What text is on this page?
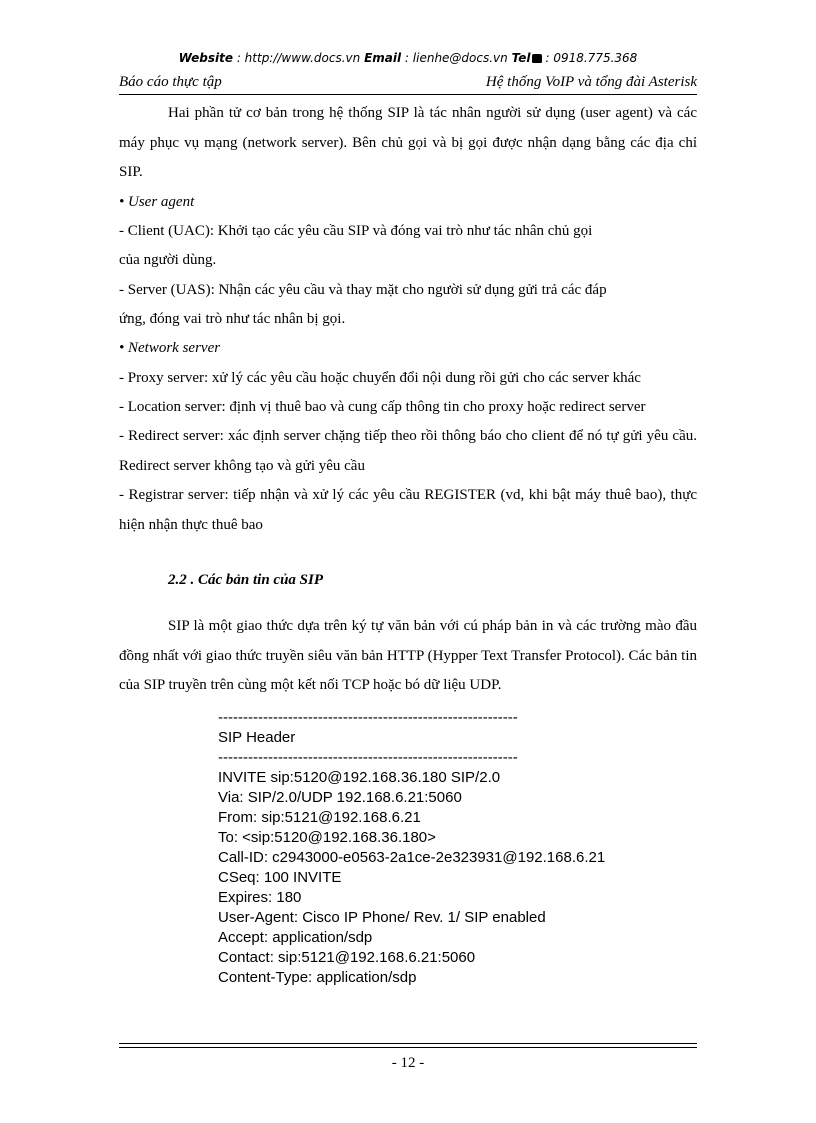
Website : http://www.docs.vn Email : lienhe@docs.vn Tel : 0918.775.368
Báo cáo thực tập	Hệ thống VoIP và tổng đài Asterisk

Hai phần tử cơ bản trong hệ thống SIP là tác nhân người sử dụng (user agent) và các máy phục vụ mạng (network server). Bên chủ gọi và bị gọi được nhận dạng bằng các địa chỉ SIP.

• User agent

- Client (UAC): Khởi tạo các yêu cầu SIP và đóng vai trò như tác nhân chủ gọi

của người dùng.

- Server (UAS): Nhận các yêu cầu và thay mặt cho người sử dụng gửi trả các đáp

ứng, đóng vai trò như tác nhân bị gọi.

• Network server

- Proxy server: xử lý các yêu cầu hoặc chuyển đổi nội dung rồi gửi cho các server khác

- Location server: định vị thuê bao và cung cấp thông tin cho proxy hoặc redirect server

- Redirect server: xác định server chặng tiếp theo rồi thông báo cho client để nó tự gửi yêu cầu. Redirect server không tạo và gửi yêu cầu

- Registrar server: tiếp nhận và xử lý các yêu cầu REGISTER (vd, khi bật máy thuê bao), thực hiện nhận thực thuê bao

2.2 . Các bản tin của SIP

SIP là một giao thức dựa trên ký tự văn bản với cú pháp bản in và các trường mào đầu đồng nhất với giao thức truyền siêu văn bản HTTP (Hypper Text Transfer Protocol). Các bản tin của SIP truyền trên cùng một kết nối TCP hoặc bó dữ liệu UDP.

------------------------------------------------------------
SIP Header
------------------------------------------------------------
INVITE sip:5120@192.168.36.180 SIP/2.0
Via: SIP/2.0/UDP 192.168.6.21:5060
From: sip:5121@192.168.6.21
To: <sip:5120@192.168.36.180>
Call-ID: c2943000-e0563-2a1ce-2e323931@192.168.6.21
CSeq: 100 INVITE
Expires: 180
User-Agent: Cisco IP Phone/ Rev. 1/ SIP enabled
Accept: application/sdp
Contact: sip:5121@192.168.6.21:5060
Content-Type: application/sdp
- 12 -
